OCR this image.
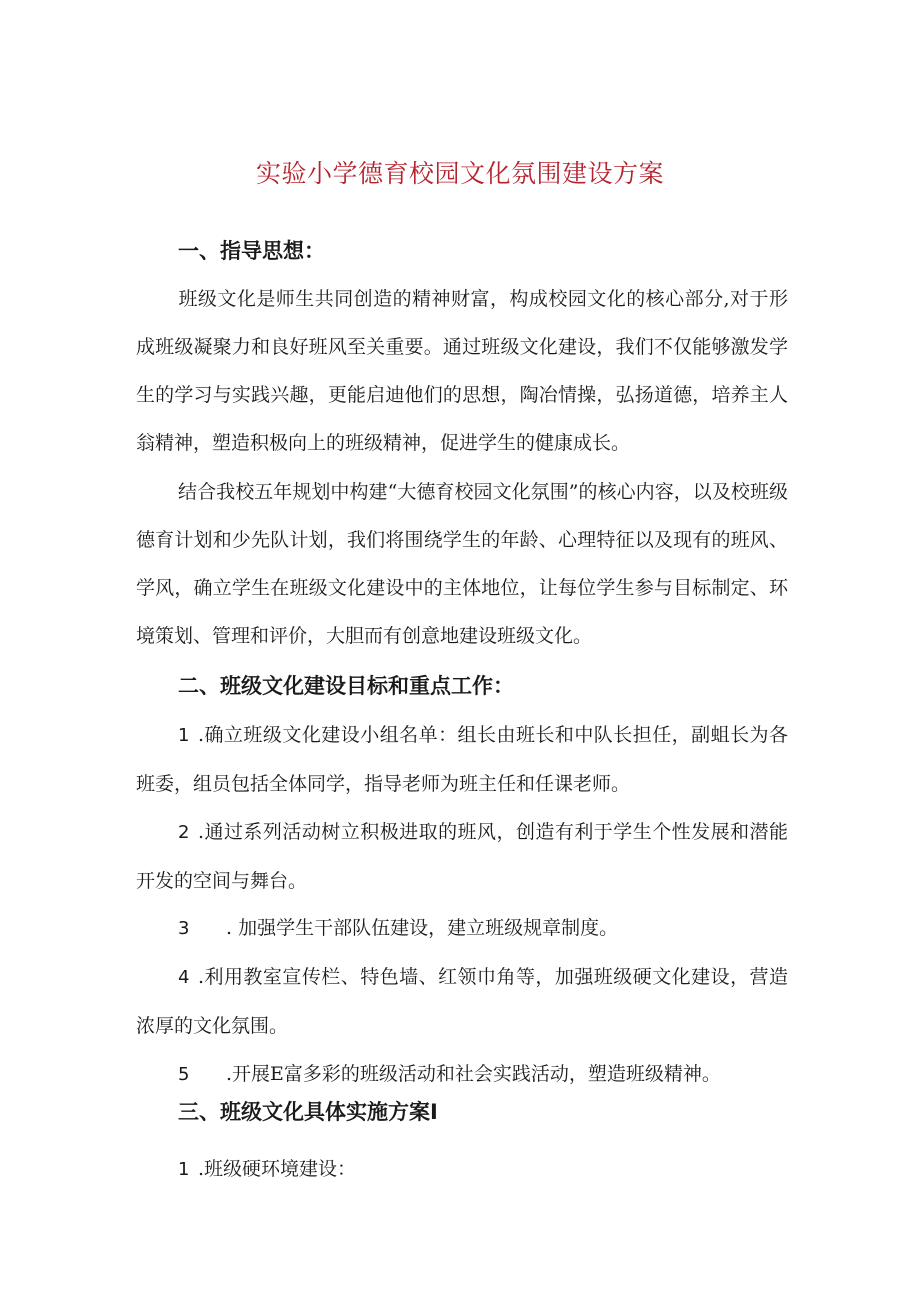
实验小学德育校园文化氛围建设方案
一、指导思想：
班级文化是师生共同创造的精神财富，构成校园文化的核心部分,对于形成班级凝聚力和良好班风至关重要。通过班级文化建设，我们不仅能够激发学生的学习与实践兴趣，更能启迪他们的思想，陶冶情操，弘扬道德，培养主人翁精神，塑造积极向上的班级精神，促进学生的健康成长。
结合我校五年规划中构建“大德育校园文化氛围”的核心内容，以及校班级德育计划和少先队计划，我们将围绕学生的年龄、心理特征以及现有的班风、学风，确立学生在班级文化建设中的主体地位，让每位学生参与目标制定、环境策划、管理和评价，大胆而有创意地建设班级文化。
二、班级文化建设目标和重点工作：
1 .确立班级文化建设小组名单：组长由班长和中队长担任，副蛆长为各班委，组员包括全体同学，指导老师为班主任和任课老师。
2 .通过系列活动树立积极进取的班风，创造有利于学生个性发展和潜能开发的空间与舞台。
3 . 加强学生干部队伍建设，建立班级规章制度。
4 .利用教室宣传栏、特色墙、红领巾角等，加强班级硬文化建设，营造浓厚的文化氛围。
5 .开展E富多彩的班级活动和社会实践活动，塑造班级精神。
三、班级文化具体实施方案I
1 .班级硬环境建设：
